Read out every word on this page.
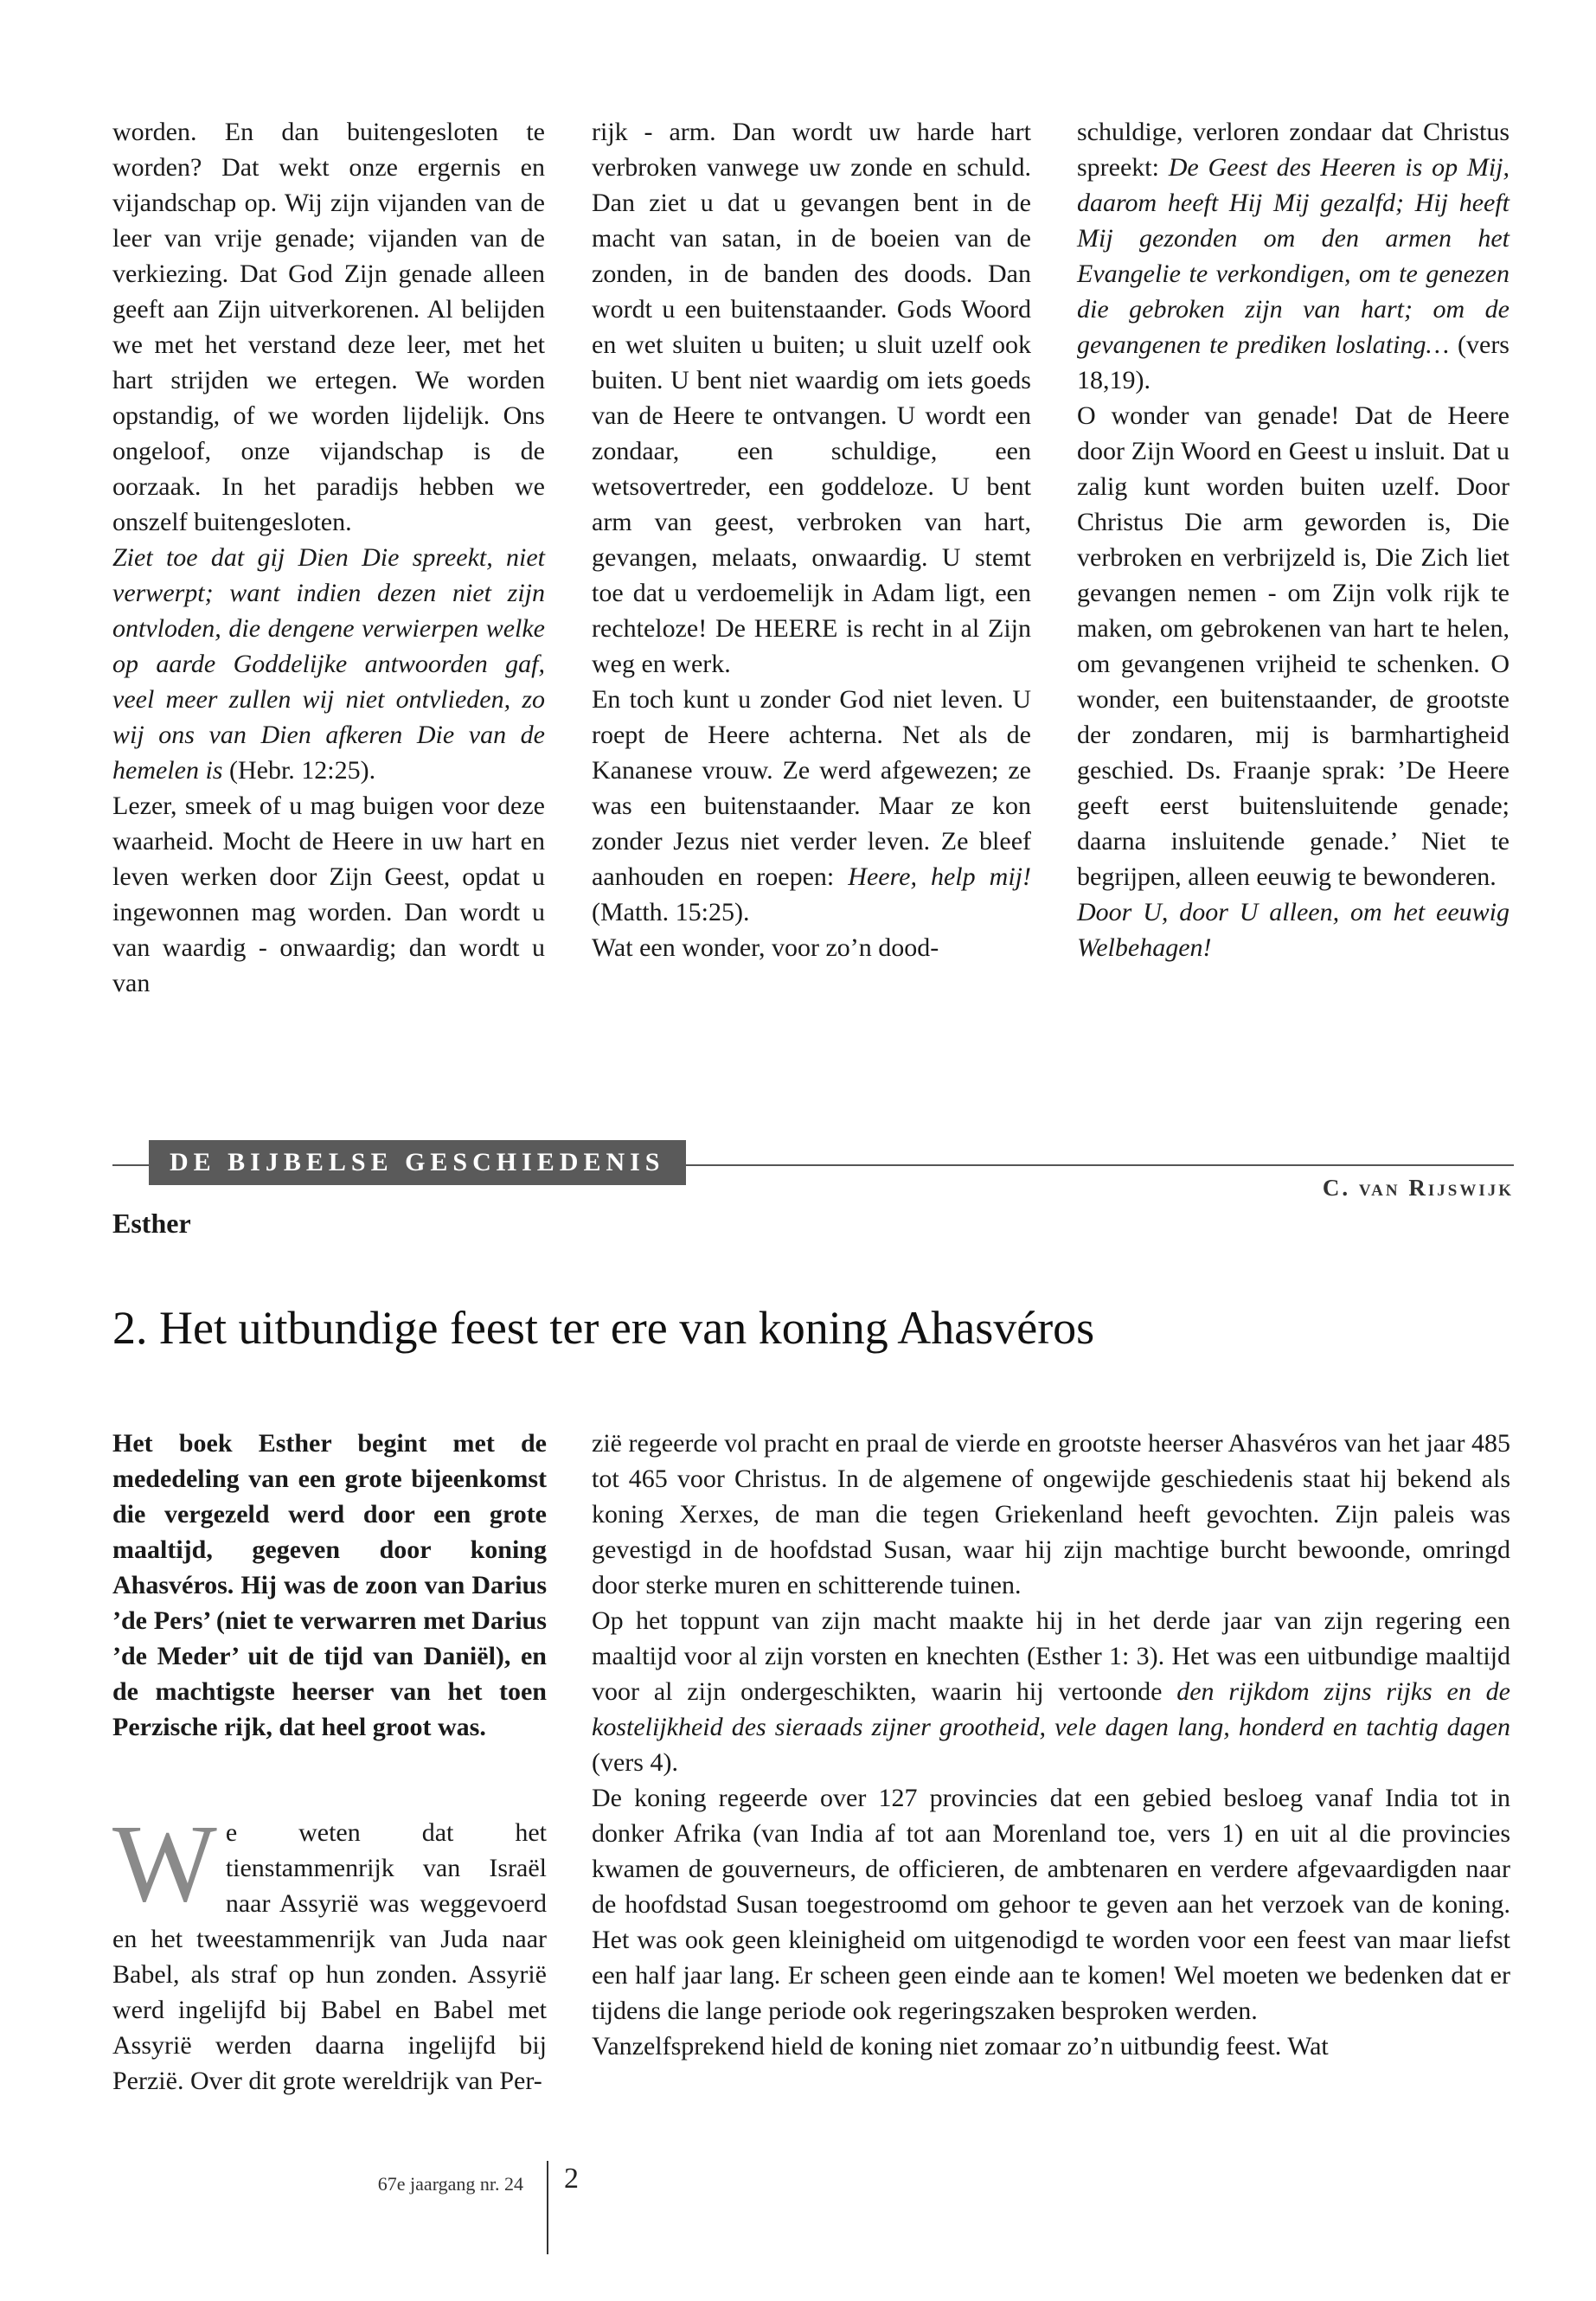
worden. En dan buitengesloten te worden? Dat wekt onze ergernis en vijandschap op. Wij zijn vijanden van de leer van vrije genade; vijanden van de verkiezing. Dat God Zijn genade alleen geeft aan Zijn uitverkorenen. Al belijden we met het verstand deze leer, met het hart strijden we ertegen. We worden opstandig, of we worden lijdelijk. Ons ongeloof, onze vijandschap is de oorzaak. In het paradijs hebben we onszelf buitengesloten.

Ziet toe dat gij Dien Die spreekt, niet verwerpt; want indien dezen niet zijn ontvloden, die dengene verwierpen welke op aarde Goddelijke antwoorden gaf, veel meer zullen wij niet ontvlieden, zo wij ons van Dien afkeren Die van de hemelen is (Hebr. 12:25).

Lezer, smeek of u mag buigen voor deze waarheid. Mocht de Heere in uw hart en leven werken door Zijn Geest, opdat u ingewonnen mag worden. Dan wordt u van waardig - onwaardig; dan wordt u van

rijk - arm. Dan wordt uw harde hart verbroken vanwege uw zonde en schuld. Dan ziet u dat u gevangen bent in de macht van satan, in de boeien van de zonden, in de banden des doods. Dan wordt u een buitenstaander. Gods Woord en wet sluiten u buiten; u sluit uzelf ook buiten. U bent niet waardig om iets goeds van de Heere te ontvangen. U wordt een zondaar, een schuldige, een wetsovertreder, een goddeloze. U bent arm van geest, verbroken van hart, gevangen, melaats, onwaardig. U stemt toe dat u verdoemelijk in Adam ligt, een rechteloze! De HEERE is recht in al Zijn weg en werk.

En toch kunt u zonder God niet leven. U roept de Heere achterna. Net als de Kananese vrouw. Ze werd afgewezen; ze was een buitenstaander. Maar ze kon zonder Jezus niet verder leven. Ze bleef aanhouden en roepen: Heere, help mij! (Matth. 15:25).

Wat een wonder, voor zo’n dood-

schuldige, verloren zondaar dat Christus spreekt: De Geest des Heeren is op Mij, daarom heeft Hij Mij gezalfd; Hij heeft Mij gezonden om den armen het Evangelie te verkondigen, om te genezen die gebroken zijn van hart; om de gevangenen te prediken loslating… (vers 18,19).

O wonder van genade! Dat de Heere door Zijn Woord en Geest u insluit. Dat u zalig kunt worden buiten uzelf. Door Christus Die arm geworden is, Die verbroken en verbrijzeld is, Die Zich liet gevangen nemen - om Zijn volk rijk te maken, om gebrokenen van hart te helen, om gevangenen vrijheid te schenken. O wonder, een buitenstaander, de grootste der zondaren, mij is barmhartigheid geschied. Ds. Fraanje sprak: ’De Heere geeft eerst buitensluitende genade; daarna insluitende genade.’ Niet te begrijpen, alleen eeuwig te bewonderen.

Door U, door U alleen, om het eeuwig Welbehagen!

DE BIJBELSE GESCHIEDENIS
C. van Rijswijk
Esther
2. Het uitbundige feest ter ere van koning Ahasvéros
Het boek Esther begint met de mededeling van een grote bijeenkomst die vergezeld werd door een grote maaltijd, gegeven door koning Ahasvéros. Hij was de zoon van Darius ’de Pers’ (niet te verwarren met Darius ’de Meder’ uit de tijd van Daniël), en de machtigste heerser van het toen Perzische rijk, dat heel groot was.
We weten dat het tienstammenrijk van Israël naar Assyrië was weggevoerd en het tweestammenrijk van Juda naar Babel, als straf op hun zonden. Assyrië werd ingelijfd bij Babel en Babel met Assyrië werden daarna ingelijfd bij Perzië. Over dit grote wereldrijk van Per-

zië regeerde vol pracht en praal de vierde en grootste heerser Ahasvéros van het jaar 485 tot 465 voor Christus. In de algemene of ongewijde geschiedenis staat hij bekend als koning Xerxes, de man die tegen Griekenland heeft gevochten. Zijn paleis was gevestigd in de hoofdstad Susan, waar hij zijn machtige burcht bewoonde, omringd door sterke muren en schitterende tuinen.

Op het toppunt van zijn macht maakte hij in het derde jaar van zijn regering een maaltijd voor al zijn vorsten en knechten (Esther 1: 3). Het was een uitbundige maaltijd voor al zijn ondergeschikten, waarin hij vertoonde den rijkdom zijns rijks en de kostelijkheid des sieraads zijner grootheid, vele dagen lang, honderd en tachtig dagen (vers 4).

De koning regeerde over 127 provincies dat een gebied besloeg vanaf India tot in donker Afrika (van India af tot aan Morenland toe, vers 1) en uit al die provincies kwamen de gouverneurs, de officieren, de ambtenaren en verdere afgevaardigden naar de hoofdstad Susan toegestroomd om gehoor te geven aan het verzoek van de koning. Het was ook geen kleinigheid om uitgenodigd te worden voor een feest van maar liefst een half jaar lang. Er scheen geen einde aan te komen! Wel moeten we bedenken dat er tijdens die lange periode ook regeringszaken besproken werden.

Vanzelfsprekend hield de koning niet zomaar zo’n uitbundig feest. Wat

67e jaargang nr. 24 2
